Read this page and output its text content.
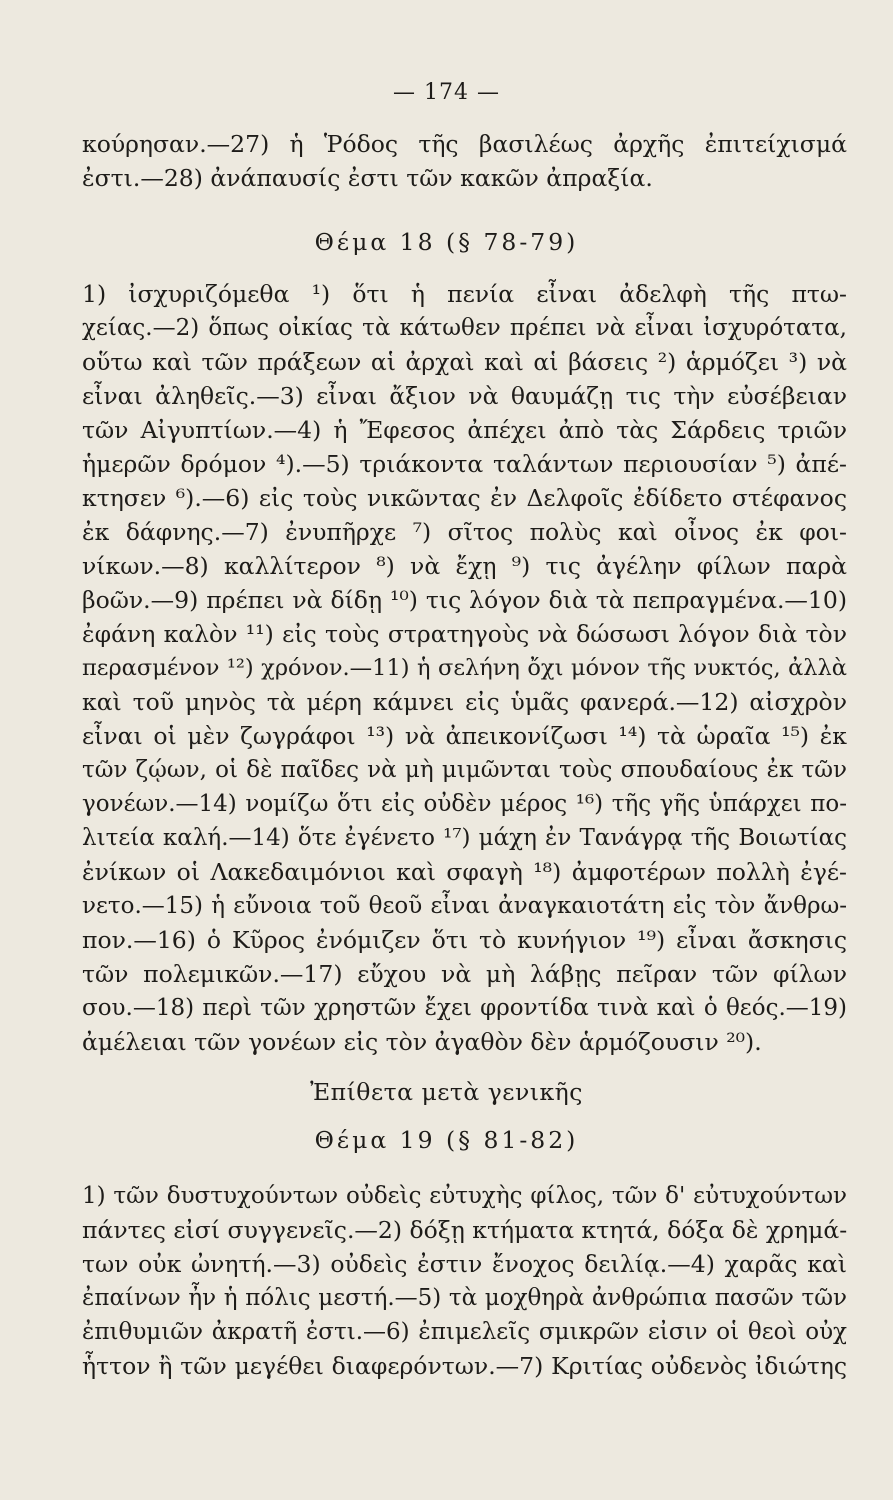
— 174 —
κούρησαν.—27) ἡ Ῥόδος τῆς βασιλέως ἀρχῆς ἐπιτείχισμά
ἐστι.—28) ἀνάπαυσίς ἐστι τῶν κακῶν ἀπραξία.
Θέμα 18 (§ 78-79)
1) ἰσχυριζόμεθα ¹) ὅτι ἡ πενία εἶναι ἀδελφὴ τῆς πτω-
χείας.—2) ὅπως οἰκίας τὰ κάτωθεν πρέπει νὰ εἶναι ἰσχυρότατα,
οὕτω καὶ τῶν πράξεων αἱ ἀρχαὶ καὶ αἱ βάσεις ²) ἁρμόζει ³) νὰ
εἶναι ἀληθεῖς.—3) εἶναι ἄξιον νὰ θαυμάζῃ τις τὴν εὐσέβειαν
τῶν Αἰγυπτίων.—4) ἡ Ἔφεσος ἀπέχει ἀπὸ τὰς Σάρδεις τριῶν
ἡμερῶν δρόμον ⁴).—5) τριάκοντα ταλάντων περιουσίαν ⁵) ἀπέ-
κτησεν ⁶).—6) εἰς τοὺς νικῶντας ἐν Δελφοῖς ἐδίδετο στέφανος
ἐκ δάφνης.—7) ἐνυπῆρχε ⁷) σῖτος πολὺς καὶ οἶνος ἐκ φοι-
νίκων.—8) καλλίτερον ⁸) νὰ ἔχῃ ⁹) τις ἀγέλην φίλων παρὰ
βοῶν.—9) πρέπει νὰ δίδῃ ¹⁰) τις λόγον διὰ τὰ πεπραγμένα.—10)
ἐφάνη καλὸν ¹¹) εἰς τοὺς στρατηγοὺς νὰ δώσωσι λόγον διὰ τὸν
περασμένον ¹²) χρόνον.—11) ἡ σελήνη ὄχι μόνον τῆς νυκτός, ἀλλὰ
καὶ τοῦ μηνὸς τὰ μέρη κάμνει εἰς ὑμᾶς φανερά.—12) αἰσχρὸν
εἶναι οἱ μὲν ζωγράφοι ¹³) νὰ ἀπεικονίζωσι ¹⁴) τὰ ὡραῖα ¹⁵) ἐκ
τῶν ζῴων, οἱ δὲ παῖδες νὰ μὴ μιμῶνται τοὺς σπουδαίους ἐκ τῶν
γονέων.—14) νομίζω ὅτι εἰς οὐδὲν μέρος ¹⁶) τῆς γῆς ὑπάρχει πο-
λιτεία καλή.—14) ὅτε ἐγένετο ¹⁷) μάχη ἐν Τανάγρᾳ τῆς Βοιωτίας
ἐνίκων οἱ Λακεδαιμόνιοι καὶ σφαγὴ ¹⁸) ἀμφοτέρων πολλὴ ἐγέ-
νετο.—15) ἡ εὔνοια τοῦ θεοῦ εἶναι ἀναγκαιοτάτη εἰς τὸν ἄνθρω-
πον.—16) ὁ Κῦρος ἐνόμιζεν ὅτι τὸ κυνήγιον ¹⁹) εἶναι ἄσκησις
τῶν πολεμικῶν.—17) εὔχου νὰ μὴ λάβῃς πεῖραν τῶν φίλων
σου.—18) περὶ τῶν χρηστῶν ἔχει φροντίδα τινὰ καὶ ὁ θεός.—19)
ἀμέλειαι τῶν γονέων εἰς τὸν ἀγαθὸν δὲν ἁρμόζουσιν ²⁰).
Ἐπίθετα μετὰ γενικῆς
Θέμα 19 (§ 81-82)
1) τῶν δυστυχούντων οὐδεὶς εὐτυχὴς φίλος, τῶν δ' εὐτυχούντων
πάντες εἰσί συγγενεῖς.—2) δόξῃ κτήματα κτητά, δόξα δὲ χρημά-
των οὐκ ὠνητή.—3) οὐδεὶς ἐστιν ἔνοχος δειλίᾳ.—4) χαρᾶς καὶ
ἐπαίνων ἦν ἡ πόλις μεστή.—5) τὰ μοχθηρὰ ἀνθρώπια πασῶν τῶν
ἐπιθυμιῶν ἀκρατῆ ἐστι.—6) ἐπιμελεῖς σμικρῶν εἰσιν οἱ θεοὶ οὐχ
ἧττον ἢ τῶν μεγέθει διαφερόντων.—7) Κριτίας οὐδενὸς ἰδιώτης
